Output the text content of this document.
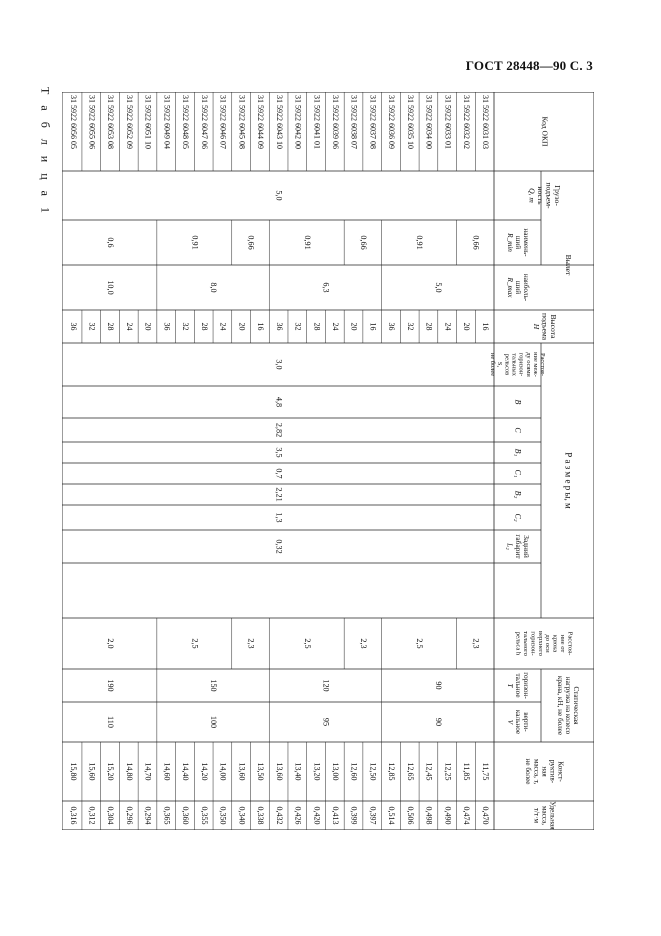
ГОСТ 28448—90 С. 3
Т а б л и ц а 1	Код ОКП
Грузо-
подъем-
ность
Q, т
Вылет
наимень-
ший
R_min
наиболь-
ший
R_max
Высота
подъема
H
Р а з м е р ы, м
Расстоя-
ние меж-
ду осями
горизон-
тальных
рельсов
S,
не более
B
C
B₁
C₁
B₂
C₂
Задний
габарит
L₂
Расстоя-
ние от
крюка
до оси
верхнего
горизон-
тального
рельса h
Статическая
нагрузка на колесо
крана, кН, не более
горизон-
тальное
T
верти-
кальное
V
Конст-
руктив-
ная
масса, т,
не более
Удельная
масса,
т/т·м
31 5922 6031 03
16
11,75
0,470
31 5922 6032 02
20
11,85
0,474
31 5922 6033 01
24
12,25
0,490
31 5922 6034 00
28
12,45
0,498
31 5922 6035 10
32
12,65
0,506
31 5922 6036 09
36
12,85
0,514
31 5922 6037 08
16
12,50
0,397
31 5922 6038 07
20
12,60
0,399
31 5922 6039 06
24
13,00
0,413
31 5922 6041 01
28
13,20
0,420
31 5922 6042 00
32
13,40
0,426
31 5922 6043 10
36
13,60
0,432
31 5922 6044 09
16
13,50
0,338
31 5922 6045 08
20
13,60
0,340
31 5922 6046 07
24
14,00
0,350
31 5922 6047 06
28
14,20
0,355
31 5922 6048 05
32
14,40
0,360
31 5922 6049 04
36
14,60
0,365
31 5922 6051 10
20
14,70
0,294
31 5922 6052 09
24
14,80
0,296
31 5922 6053 08
28
15,20
0,304
31 5922 6055 06
32
15,60
0,312
31 5922 6056 05
36
15,80
0,316
0,66
0,91
0,66
0,91
0,66
0,91
0,6
5,0
6,3
8,0
10,0
2,3
2,5
2,3
2,5
2,3
2,5
2,0
90
120
150
190
90
95
100
110
5,0
3,0
4,8
2,82
3,5
0,7
2,21
1,3
0,32
